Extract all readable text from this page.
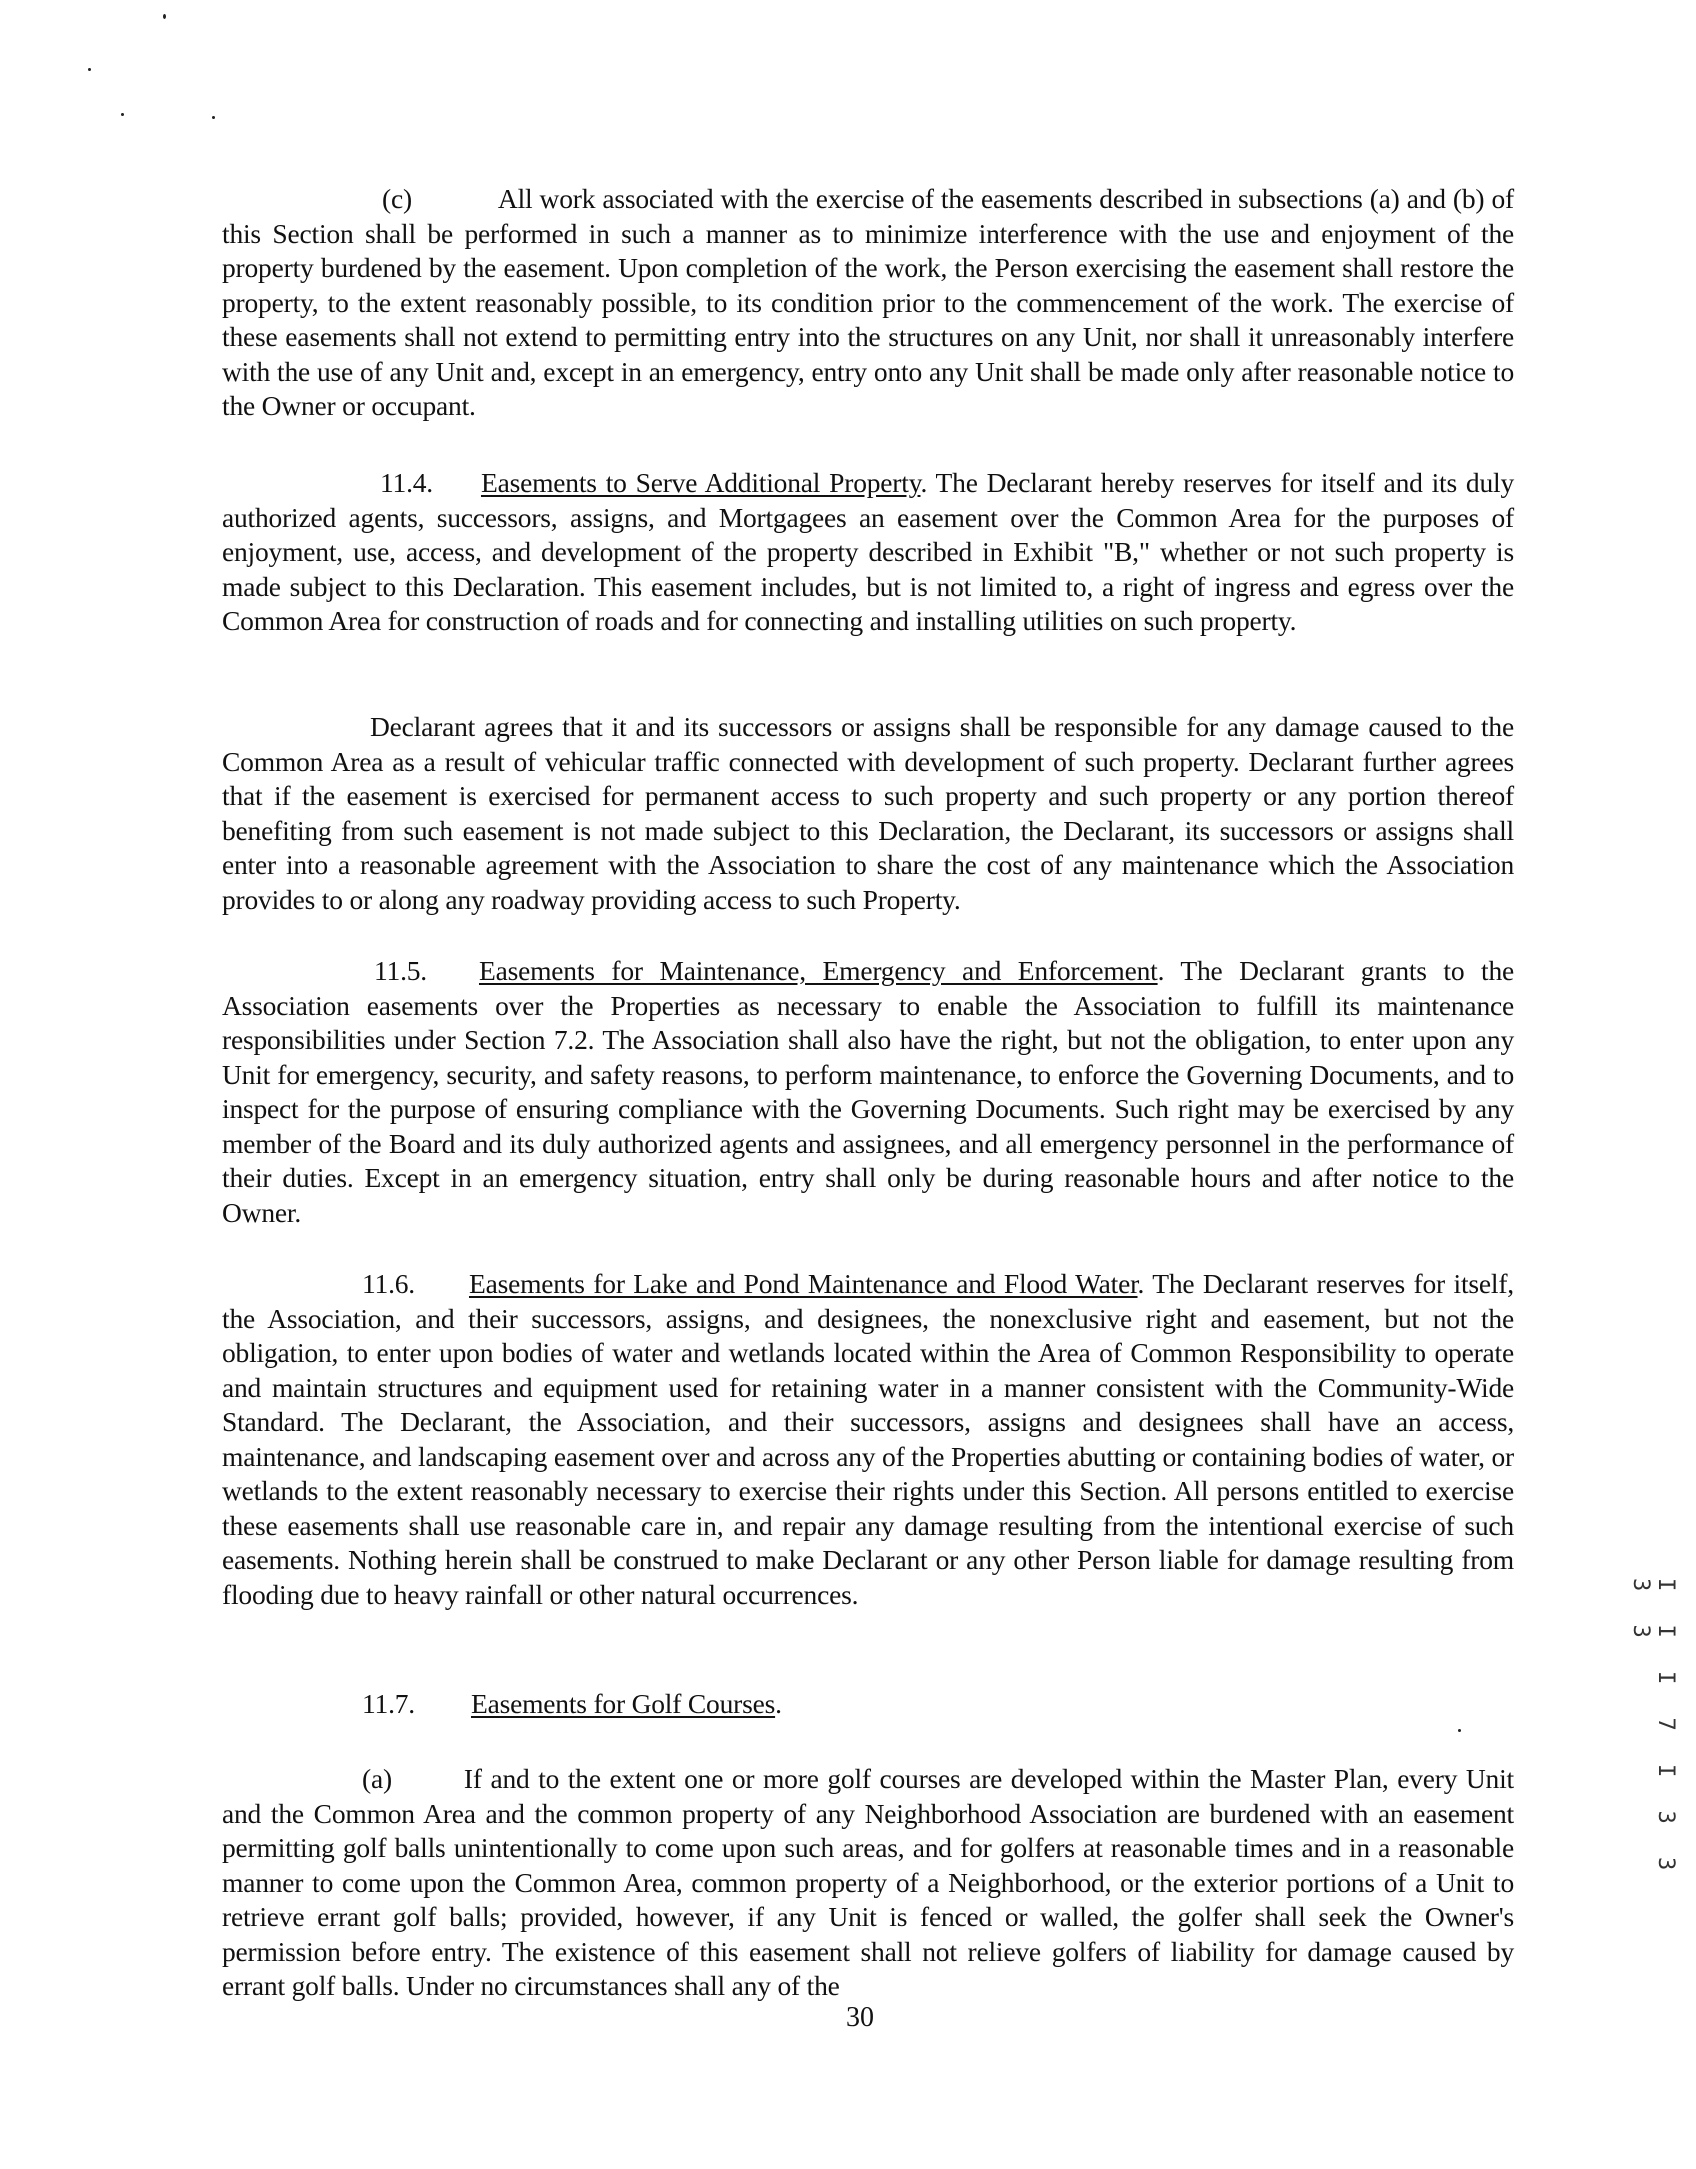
(c)	All work associated with the exercise of the easements described in subsections (a) and (b) of this Section shall be performed in such a manner as to minimize interference with the use and enjoyment of the property burdened by the easement. Upon completion of the work, the Person exercising the easement shall restore the property, to the extent reasonably possible, to its condition prior to the commencement of the work. The exercise of these easements shall not extend to permitting entry into the structures on any Unit, nor shall it unreasonably interfere with the use of any Unit and, except in an emergency, entry onto any Unit shall be made only after reasonable notice to the Owner or occupant.

11.4. Easements to Serve Additional Property. The Declarant hereby reserves for itself and its duly authorized agents, successors, assigns, and Mortgagees an easement over the Common Area for the purposes of enjoyment, use, access, and development of the property described in Exhibit "B," whether or not such property is made subject to this Declaration. This easement includes, but is not limited to, a right of ingress and egress over the Common Area for construction of roads and for connecting and installing utilities on such property.

Declarant agrees that it and its successors or assigns shall be responsible for any damage caused to the Common Area as a result of vehicular traffic connected with development of such property. Declarant further agrees that if the easement is exercised for permanent access to such property and such property or any portion thereof benefiting from such easement is not made subject to this Declaration, the Declarant, its successors or assigns shall enter into a reasonable agreement with the Association to share the cost of any maintenance which the Association provides to or along any roadway providing access to such Property.

11.5. Easements for Maintenance, Emergency and Enforcement. The Declarant grants to the Association easements over the Properties as necessary to enable the Association to fulfill its maintenance responsibilities under Section 7.2. The Association shall also have the right, but not the obligation, to enter upon any Unit for emergency, security, and safety reasons, to perform maintenance, to enforce the Governing Documents, and to inspect for the purpose of ensuring compliance with the Governing Documents. Such right may be exercised by any member of the Board and its duly authorized agents and assignees, and all emergency personnel in the performance of their duties. Except in an emergency situation, entry shall only be during reasonable hours and after notice to the Owner.

11.6. Easements for Lake and Pond Maintenance and Flood Water. The Declarant reserves for itself, the Association, and their successors, assigns, and designees, the nonexclusive right and easement, but not the obligation, to enter upon bodies of water and wetlands located within the Area of Common Responsibility to operate and maintain structures and equipment used for retaining water in a manner consistent with the Community-Wide Standard. The Declarant, the Association, and their successors, assigns and designees shall have an access, maintenance, and landscaping easement over and across any of the Properties abutting or containing bodies of water, or wetlands to the extent reasonably necessary to exercise their rights under this Section. All persons entitled to exercise these easements shall use reasonable care in, and repair any damage resulting from the intentional exercise of such easements. Nothing herein shall be construed to make Declarant or any other Person liable for damage resulting from flooding due to heavy rainfall or other natural occurrences.

11.7. Easements for Golf Courses.

(a)	If and to the extent one or more golf courses are developed within the Master Plan, every Unit and the Common Area and the common property of any Neighborhood Association are burdened with an easement permitting golf balls unintentionally to come upon such areas, and for golfers at reasonable times and in a reasonable manner to come upon the Common Area, common property of a Neighborhood, or the exterior portions of a Unit to retrieve errant golf balls; provided, however, if any Unit is fenced or walled, the golfer shall seek the Owner's permission before entry. The existence of this easement shall not relieve golfers of liability for damage caused by errant golf balls. Under no circumstances shall any of the

30
I I I 7 I 3 3 3 3
